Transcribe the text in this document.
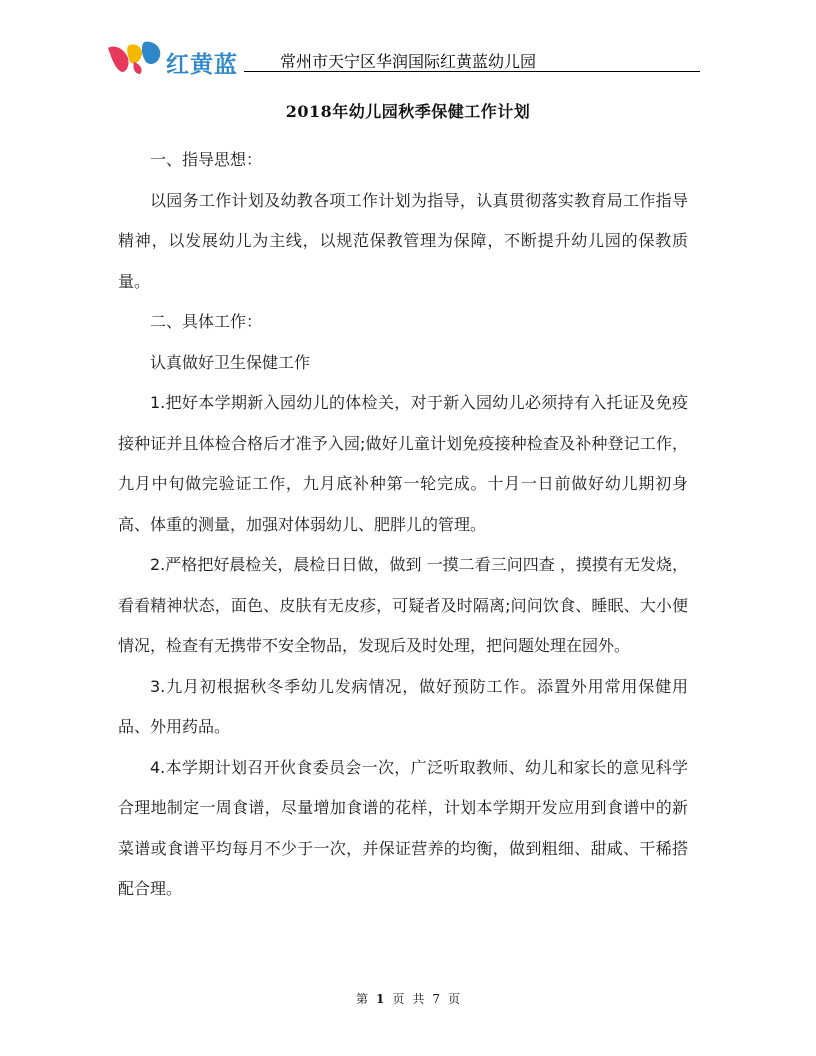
红黄蓝	常州市天宁区华润国际红黄蓝幼儿园
2018年幼儿园秋季保健工作计划

一、指导思想：

以园务工作计划及幼教各项工作计划为指导，认真贯彻落实教育局工作指导精神，以发展幼儿为主线，以规范保教管理为保障，不断提升幼儿园的保教质量。

二、具体工作：

认真做好卫生保健工作

1.把好本学期新入园幼儿的体检关，对于新入园幼儿必须持有入托证及免疫接种证并且体检合格后才准予入园;做好儿童计划免疫接种检查及补种登记工作，九月中旬做完验证工作，九月底补种第一轮完成。十月一日前做好幼儿期初身高、体重的测量，加强对体弱幼儿、肥胖儿的管理。

2.严格把好晨检关，晨检日日做，做到 一摸二看三问四查 ，摸摸有无发烧，看看精神状态，面色、皮肤有无皮疹，可疑者及时隔离;问问饮食、睡眠、大小便情况，检查有无携带不安全物品，发现后及时处理，把问题处理在园外。

3.九月初根据秋冬季幼儿发病情况，做好预防工作。添置外用常用保健用品、外用药品。

4.本学期计划召开伙食委员会一次，广泛听取教师、幼儿和家长的意见科学合理地制定一周食谱，尽量增加食谱的花样，计划本学期开发应用到食谱中的新菜谱或食谱平均每月不少于一次，并保证营养的均衡，做到粗细、甜咸、干稀搭配合理。

第 1 页 共 7 页
